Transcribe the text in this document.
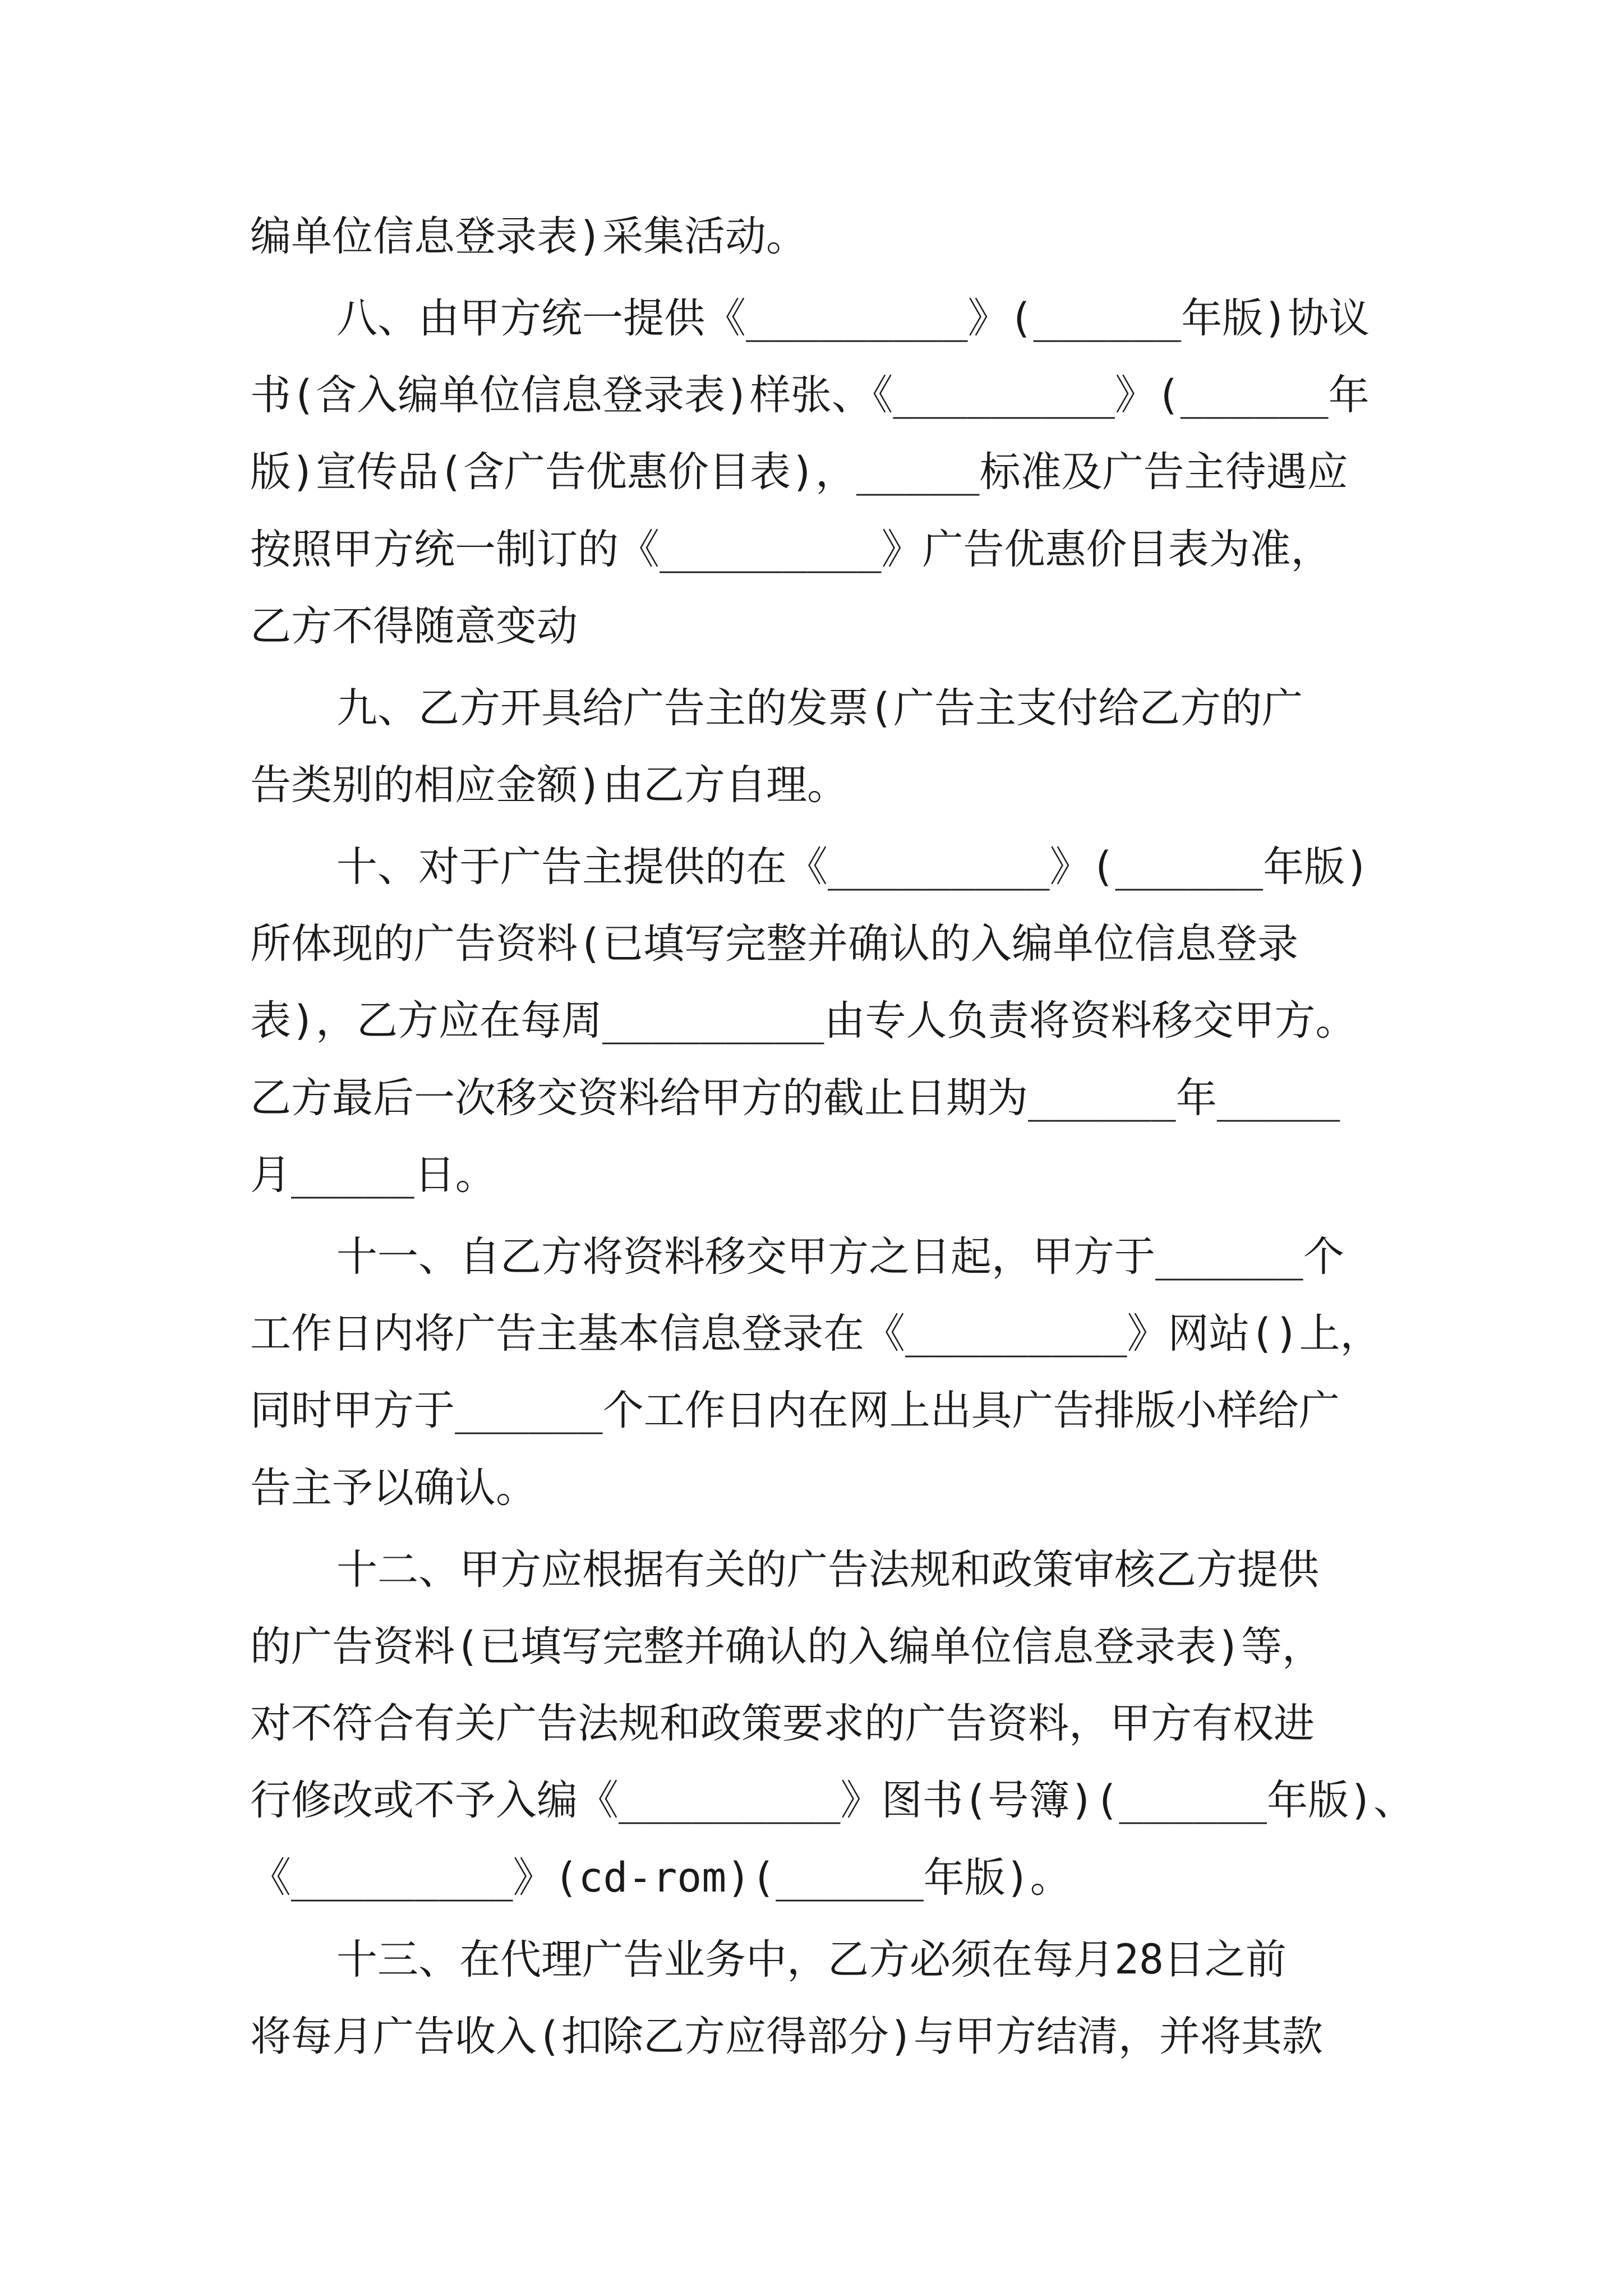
编单位信息登录表)采集活动。
八、由甲方统一提供《_________》(______年版)协议
书(含入编单位信息登录表)样张、《_________》(______年
版)宣传品(含广告优惠价目表)，_____标准及广告主待遇应
按照甲方统一制订的《_________》广告优惠价目表为准，
乙方不得随意变动
九、乙方开具给广告主的发票(广告主支付给乙方的广
告类别的相应金额)由乙方自理。
十、对于广告主提供的在《_________》(______年版)
所体现的广告资料(已填写完整并确认的入编单位信息登录
表)，乙方应在每周_________由专人负责将资料移交甲方。
乙方最后一次移交资料给甲方的截止日期为______年_____
月_____日。
十一、自乙方将资料移交甲方之日起，甲方于______个
工作日内将广告主基本信息登录在《_________》网站()上，
同时甲方于______个工作日内在网上出具广告排版小样给广
告主予以确认。
十二、甲方应根据有关的广告法规和政策审核乙方提供
的广告资料(已填写完整并确认的入编单位信息登录表)等，
对不符合有关广告法规和政策要求的广告资料，甲方有权进
行修改或不予入编《_________》图书(号簿)(______年版)、
《_________》(cd-rom)(______年版)。
十三、在代理广告业务中，乙方必须在每月28日之前
将每月广告收入(扣除乙方应得部分)与甲方结清，并将其款
